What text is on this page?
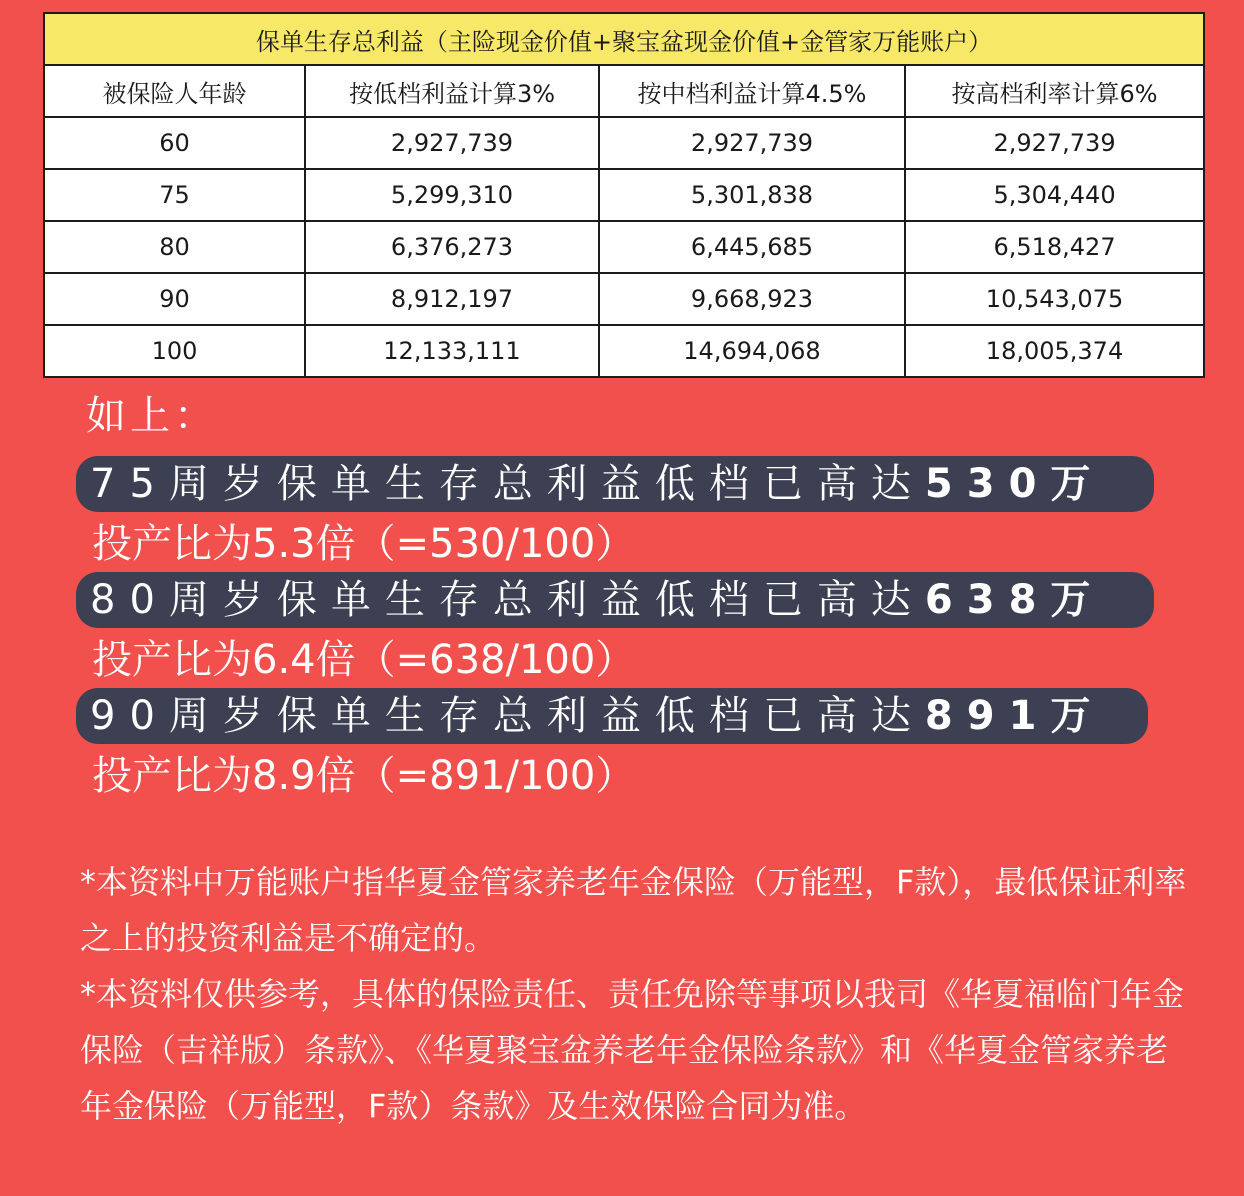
保单生存总利益（主险现金价值+聚宝盆现金价值+金管家万能账户）			
被保险人年龄	按低档利益计算3%	按中档利益计算4.5%	按高档利率计算6%
60	2,927,739	2,927,739	2,927,739
75	5,299,310	5,301,838	5,304,440
80	6,376,273	6,445,685	6,518,427
90	8,912,197	9,668,923	10,543,075
100	12,133,111	14,694,068	18,005,374
如上：
75周岁保单生存总利益低档已高达530万
投产比为5.3倍（=530/100）
80周岁保单生存总利益低档已高达638万
投产比为6.4倍（=638/100）
90周岁保单生存总利益低档已高达891万
投产比为8.9倍（=891/100）

*本资料中万能账户指华夏金管家养老年金保险（万能型，F款），最低保证利率之上的投资利益是不确定的。

*本资料仅供参考，具体的保险责任、责任免除等事项以我司《华夏福临门年金保险（吉祥版）条款》、《华夏聚宝盆养老年金保险条款》和《华夏金管家养老年金保险（万能型，F款）条款》及生效保险合同为准。
